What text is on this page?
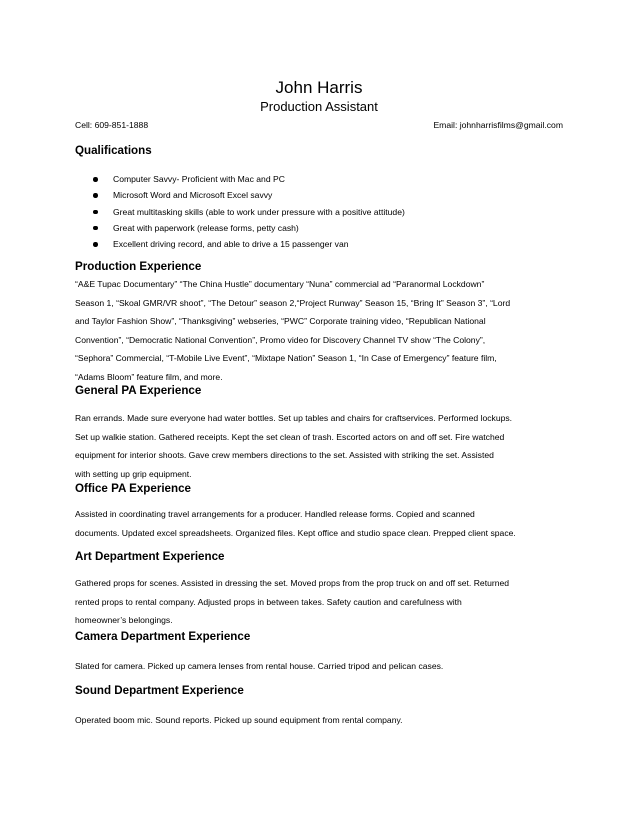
John Harris
Production Assistant
Cell: 609-851-1888	Email: johnharrisfilms@gmail.com
Qualifications
Computer Savvy- Proficient with Mac and PC
Microsoft Word and Microsoft Excel savvy
Great multitasking skills (able to work under pressure with a positive attitude)
Great with paperwork (release forms, petty cash)
Excellent driving record, and able to drive a 15 passenger van
Production Experience
“A&E Tupac Documentary” “The China Hustle” documentary “Nuna” commercial ad “Paranormal Lockdown”
Season 1, “Skoal GMR/VR shoot”, “The Detour” season 2,“Project Runway” Season 15, “Bring It” Season 3”, “Lord
and Taylor Fashion Show”, “Thanksgiving” webseries, “PWC” Corporate training video, “Republican National
Convention”, “Democratic National Convention”, Promo video for Discovery Channel TV show “The Colony”,
“Sephora” Commercial, “T-Mobile Live Event”, “Mixtape Nation” Season 1, “In Case of Emergency” feature film,
“Adams Bloom” feature film, and more.
General PA Experience
Ran errands. Made sure everyone had water bottles. Set up tables and chairs for craftservices. Performed lockups.
Set up walkie station. Gathered receipts. Kept the set clean of trash. Escorted actors on and off set. Fire watched
equipment for interior shoots. Gave crew members directions to the set. Assisted with striking the set. Assisted
with setting up grip equipment.
Office PA Experience
Assisted in coordinating travel arrangements for a producer. Handled release forms. Copied and scanned
documents. Updated excel spreadsheets. Organized files. Kept office and studio space clean. Prepped client space.
Art Department Experience
Gathered props for scenes. Assisted in dressing the set. Moved props from the prop truck on and off set. Returned
rented props to rental company. Adjusted props in between takes. Safety caution and carefulness with
homeowner’s belongings.
Camera Department Experience
Slated for camera. Picked up camera lenses from rental house. Carried tripod and pelican cases.
Sound Department Experience
Operated boom mic. Sound reports. Picked up sound equipment from rental company.
